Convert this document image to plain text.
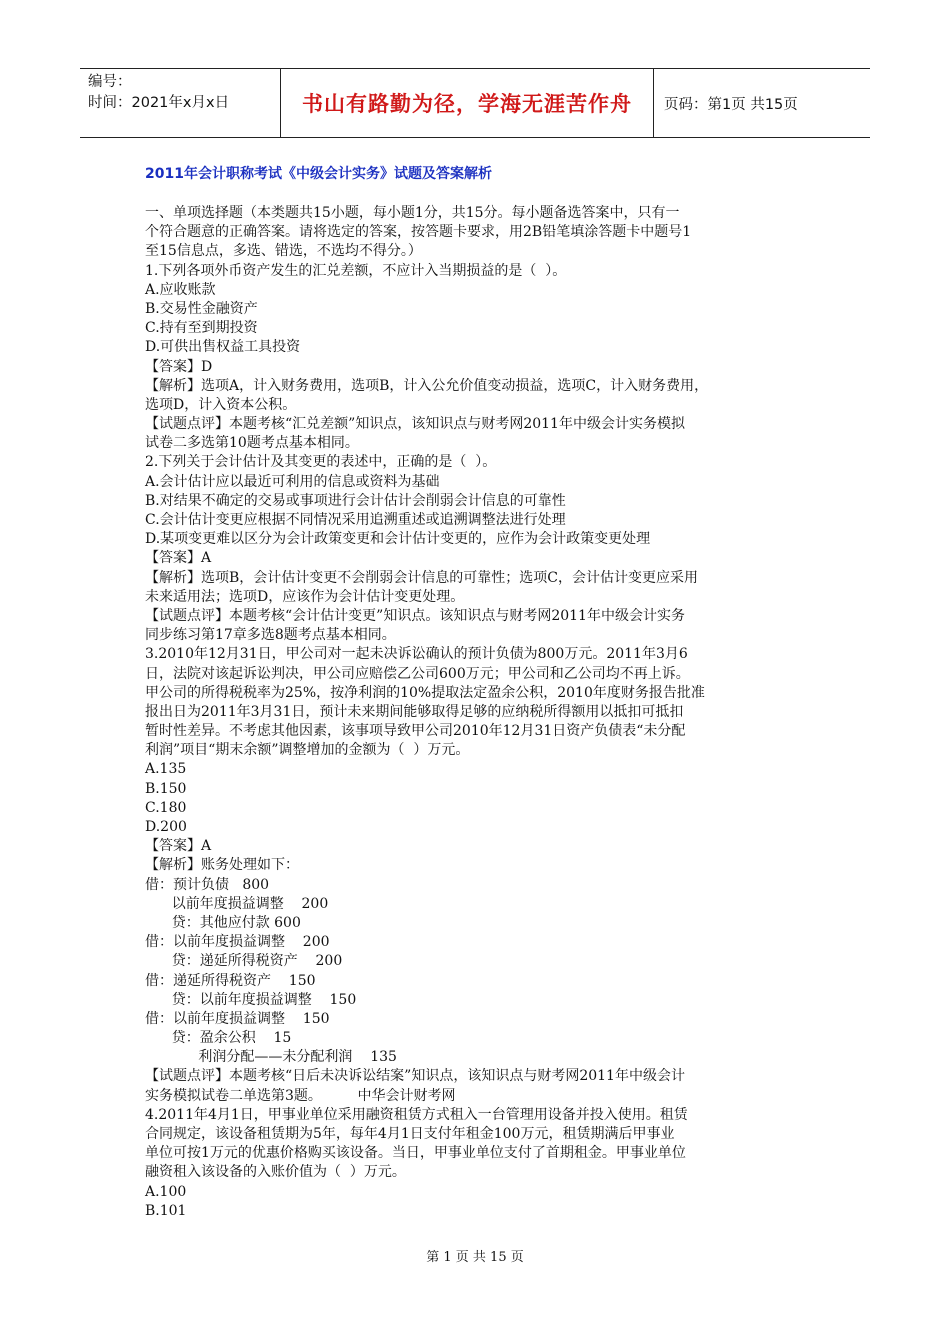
编号：
时间：2021年x月x日	书山有路勤为径，学海无涯苦作舟	页码：第1页 共15页
2011年会计职称考试《中级会计实务》试题及答案解析
一、单项选择题（本类题共15小题，每小题1分，共15分。每小题备选答案中，只有一
个符合题意的正确答案。请将选定的答案，按答题卡要求，用2B铅笔填涂答题卡中题号1
至15信息点，多选、错选，不选均不得分。）
1.下列各项外币资产发生的汇兑差额，不应计入当期损益的是（  ）。
A.应收账款
B.交易性金融资产
C.持有至到期投资
D.可供出售权益工具投资
【答案】D
【解析】选项A，计入财务费用，选项B，计入公允价值变动损益，选项C，计入财务费用，
选项D，计入资本公积。
【试题点评】本题考核“汇兑差额”知识点，该知识点与财考网2011年中级会计实务模拟
试卷二多选第10题考点基本相同。
2.下列关于会计估计及其变更的表述中，正确的是（  ）。
A.会计估计应以最近可利用的信息或资料为基础
B.对结果不确定的交易或事项进行会计估计会削弱会计信息的可靠性
C.会计估计变更应根据不同情况采用追溯重述或追溯调整法进行处理
D.某项变更难以区分为会计政策变更和会计估计变更的，应作为会计政策变更处理
【答案】A
【解析】选项B，会计估计变更不会削弱会计信息的可靠性；选项C，会计估计变更应采用
未来适用法；选项D，应该作为会计估计变更处理。
【试题点评】本题考核“会计估计变更”知识点。该知识点与财考网2011年中级会计实务
同步练习第17章多选8题考点基本相同。
3.2010年12月31日，甲公司对一起未决诉讼确认的预计负债为800万元。2011年3月6
日，法院对该起诉讼判决，甲公司应赔偿乙公司600万元；甲公司和乙公司均不再上诉。
甲公司的所得税税率为25%，按净利润的10%提取法定盈余公积，2010年度财务报告批准
报出日为2011年3月31日，预计未来期间能够取得足够的应纳税所得额用以抵扣可抵扣
暂时性差异。不考虑其他因素，该事项导致甲公司2010年12月31日资产负债表“未分配
利润”项目“期末余额”调整增加的金额为（  ）万元。
A.135
B.150
C.180
D.200
【答案】A
【解析】账务处理如下：
借：预计负债   800
以前年度损益调整    200
贷：其他应付款 600
借：以前年度损益调整    200
贷：递延所得税资产    200
借：递延所得税资产    150
贷：以前年度损益调整    150
借：以前年度损益调整    150
贷：盈余公积    15
利润分配——未分配利润    135
【试题点评】本题考核“日后未决诉讼结案”知识点，该知识点与财考网2011年中级会计
实务模拟试卷二单选第3题。        中华会计财考网
4.2011年4月1日，甲事业单位采用融资租赁方式租入一台管理用设备并投入使用。租赁
合同规定，该设备租赁期为5年，每年4月1日支付年租金100万元，租赁期满后甲事业
单位可按1万元的优惠价格购买该设备。当日，甲事业单位支付了首期租金。甲事业单位
融资租入该设备的入账价值为（  ）万元。
A.100
B.101
第 1 页 共 15 页
